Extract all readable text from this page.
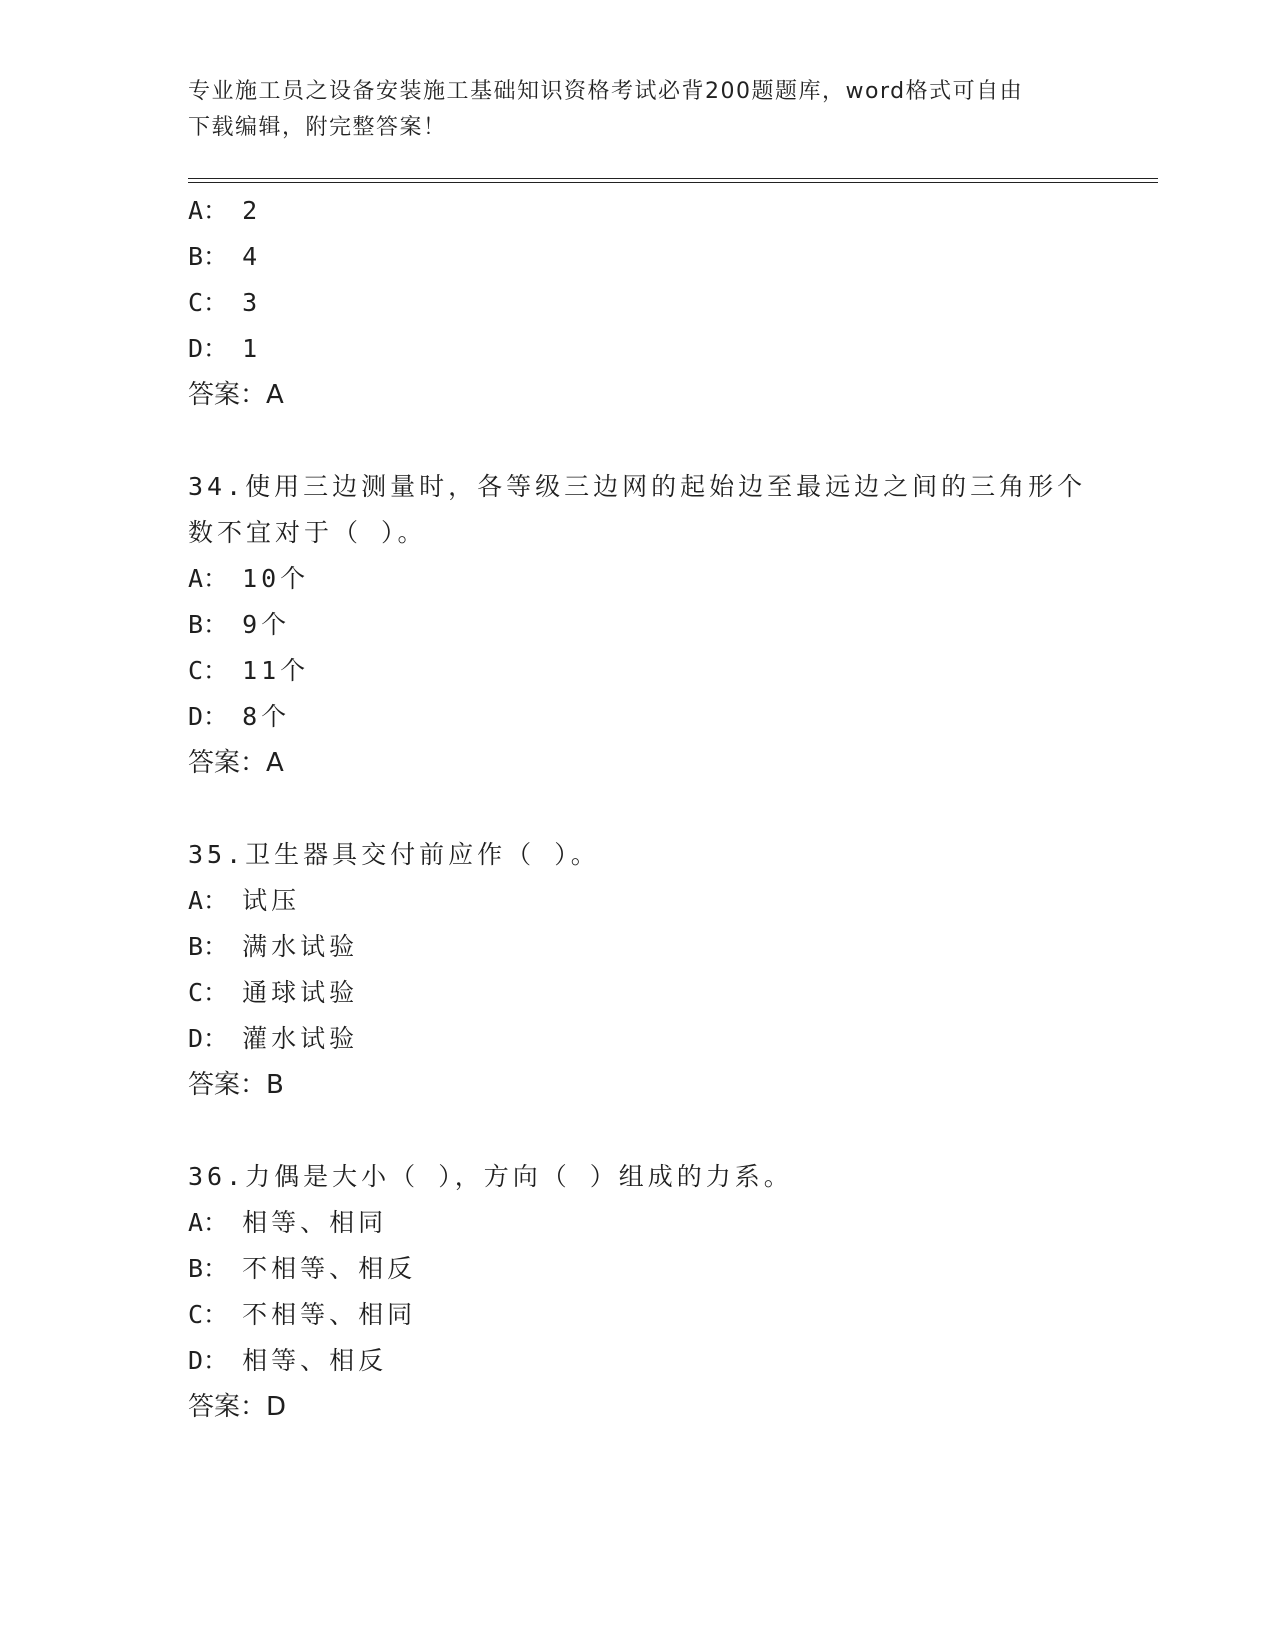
专业施工员之设备安装施工基础知识资格考试必背200题题库，word格式可自由
下载编辑，附完整答案！
A： 2
B： 4
C： 3
D： 1
答案：A
34.使用三边测量时，各等级三边网的起始边至最远边之间的三角形个数不宜对于（ ）。
A： 10个
B： 9个
C： 11个
D： 8个
答案：A
35.卫生器具交付前应作（ ）。
A： 试压
B： 满水试验
C： 通球试验
D： 灌水试验
答案：B
36.力偶是大小（ ），方向（ ）组成的力系。
A： 相等、相同
B： 不相等、相反
C： 不相等、相同
D： 相等、相反
答案：D
